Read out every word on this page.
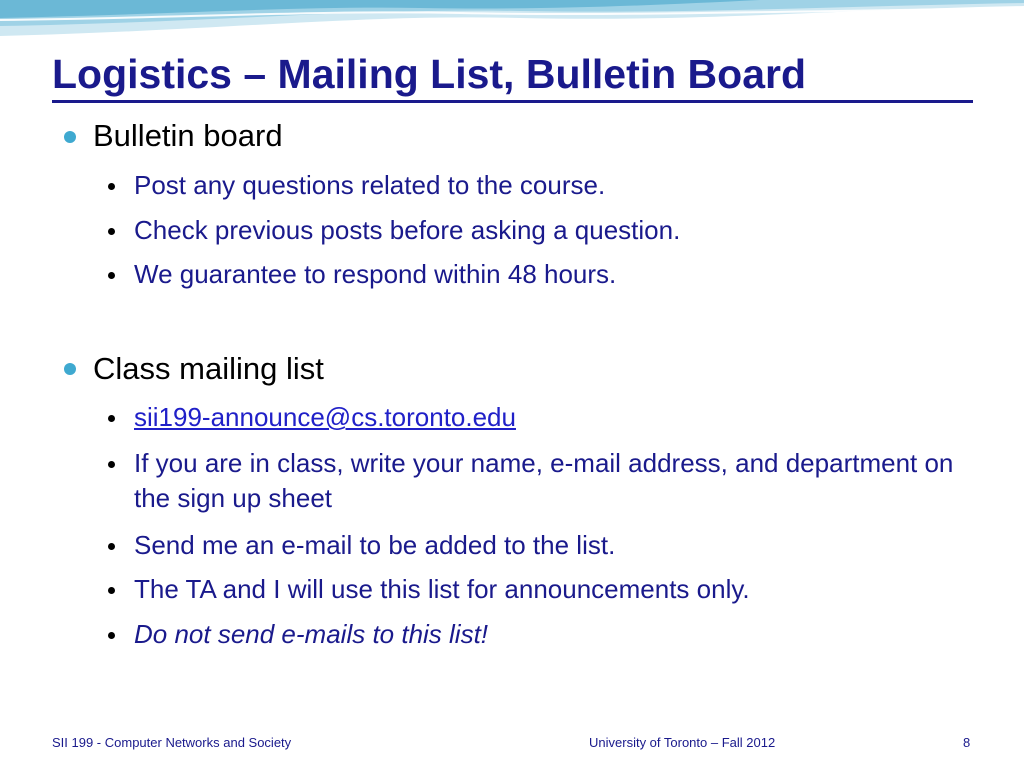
Logistics – Mailing List, Bulletin Board
Bulletin board
Post any questions related to the course.
Check previous posts before asking a question.
We guarantee to respond within 48 hours.
Class mailing list
sii199-announce@cs.toronto.edu
If you are in class, write your name, e-mail address, and department on the sign up sheet
Send me an e-mail to be added to the list.
The TA and I will use this list for announcements only.
Do not send e-mails to this list!
SII 199 - Computer Networks and Society	University of Toronto – Fall 2012	8
